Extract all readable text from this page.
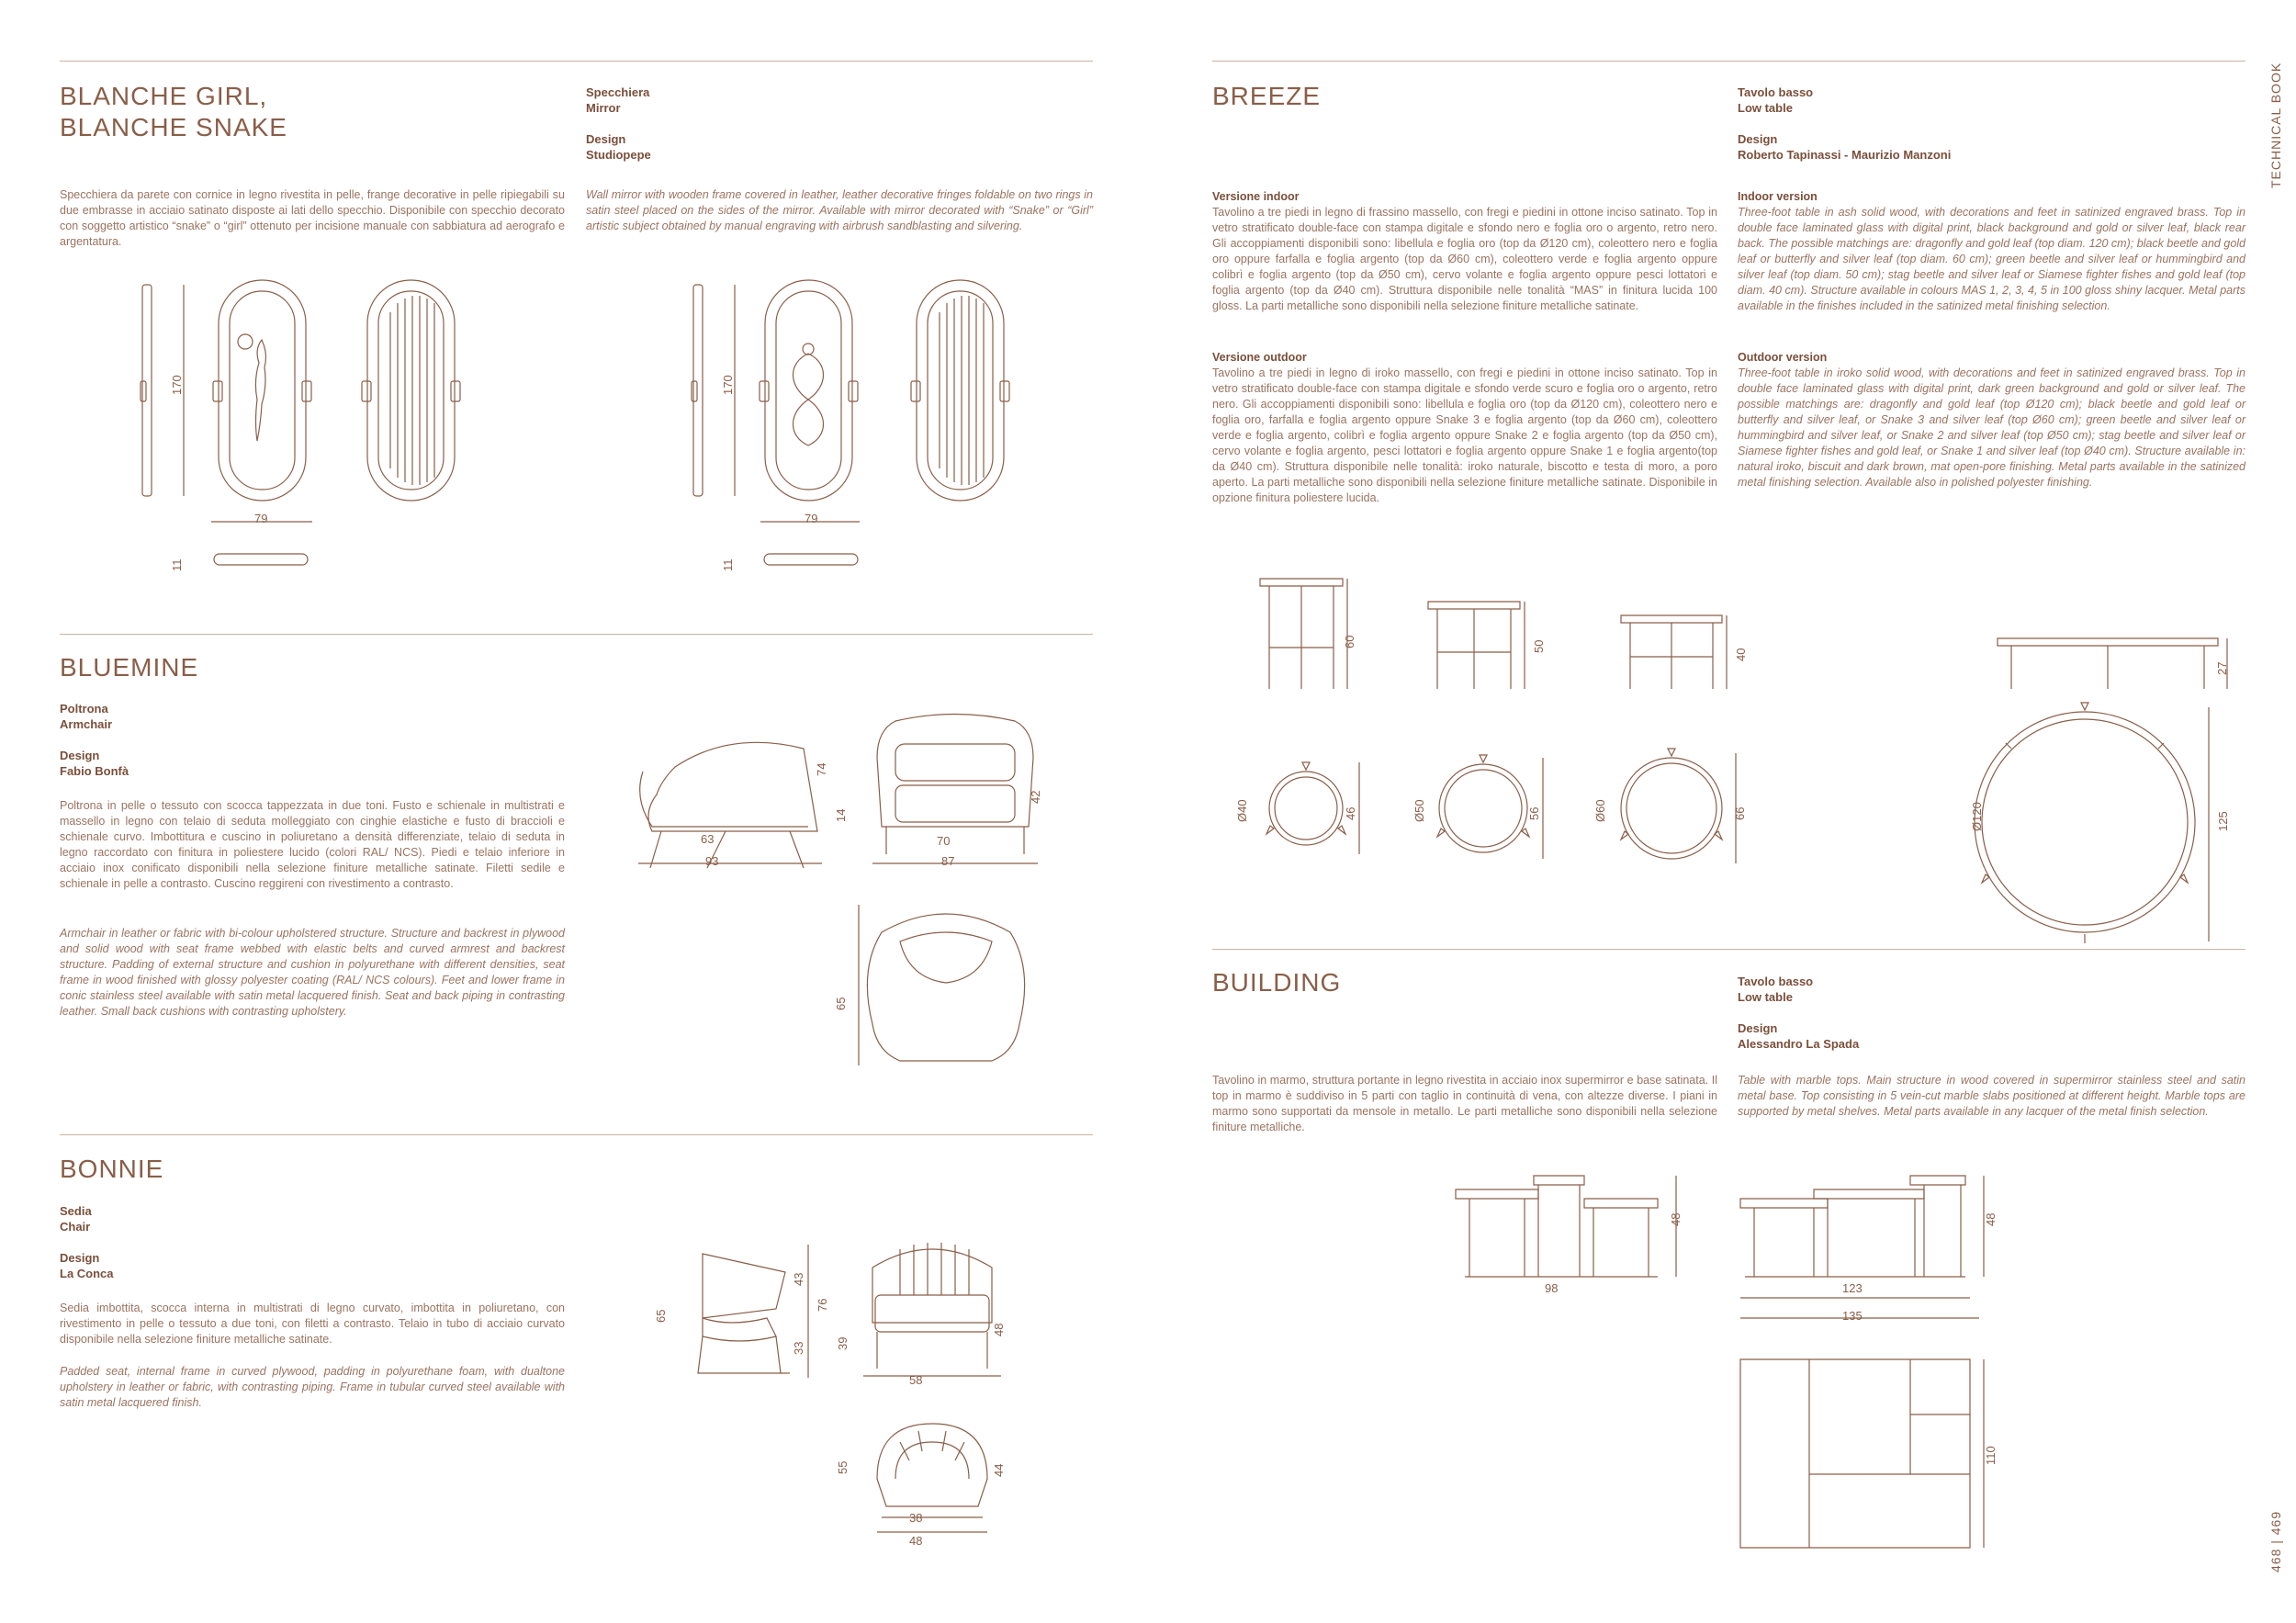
TECHNICAL BOOK
468 | 469
BLANCHE GIRL,
BLANCHE SNAKE
Specchiera
Mirror
Design
Studiopepe
Specchiera da parete con cornice in legno rivestita in pelle, frange decorative in pelle ripiegabili su due embrasse in acciaio satinato disposte ai lati dello specchio. Disponibile con specchio decorato con soggetto artistico “snake” o “girl” ottenuto per incisione manuale con sabbiatura ad aerografo e argentatura.
Wall mirror with wooden frame covered in leather, leather decorative fringes foldable on two rings in satin steel placed on the sides of the mirror. Available with mirror decorated with “Snake” or “Girl” artistic subject obtained by manual engraving with airbrush sandblasting and silvering.
170
79
11
170
79
11
BLUEMINE
Poltrona
Armchair
Design
Fabio Bonfà
Poltrona in pelle o tessuto con scocca tappezzata in due toni. Fusto e schienale in multistrati e massello in legno con telaio di seduta molleggiato con cinghie elastiche e fusto di braccioli e schienale curvo. Imbottitura e cuscino in poliuretano a densità differenziate, telaio di seduta in legno raccordato con finitura in poliestere lucido (colori RAL/ NCS). Piedi e telaio inferiore in acciaio inox conificato disponibili nella selezione finiture metalliche satinate. Filetti sedile e schienale in pelle a contrasto. Cuscino reggireni con rivestimento a contrasto.
Armchair in leather or fabric with bi-colour upholstered structure. Structure and backrest in plywood and solid wood with seat frame webbed with elastic belts and curved armrest and backrest structure. Padding of external structure and cushion in polyurethane with different densities, seat frame in wood finished with glossy polyester coating (RAL/ NCS colours). Feet and lower frame in conic stainless steel available with satin metal lacquered finish. Seat and back piping in contrasting leather. Small back cushions with contrasting upholstery.
63
93
74
14
70
87
42
65
BONNIE
Sedia
Chair
Design
La Conca
Sedia imbottita, scocca interna in multistrati di legno curvato, imbottita in poliuretano, con rivestimento in pelle o tessuto a due toni, con filetti a contrasto. Telaio in tubo di acciaio curvato disponibile nella selezione finiture metalliche satinate.
Padded seat, internal frame in curved plywood, padding in polyurethane foam, with dualtone upholstery in leather or fabric, with contrasting piping. Frame in tubular curved steel available with satin metal lacquered finish.
65
43
33
76
39
58
48
55	44
38
48
BREEZE	Tavolo basso
Low table
Design
Roberto Tapinassi - Maurizio Manzoni
Versione indoor
Tavolino a tre piedi in legno di frassino massello, con fregi e piedini in ottone inciso satinato. Top in vetro stratificato double-face con stampa digitale e sfondo nero e foglia oro o argento, retro nero. Gli accoppiamenti disponibili sono: libellula e foglia oro (top da Ø120 cm), coleottero nero e foglia oro oppure farfalla e foglia argento (top da Ø60 cm), coleottero verde e foglia argento oppure colibrì e foglia argento (top da Ø50 cm), cervo volante e foglia argento oppure pesci lottatori e foglia argento (top da Ø40 cm). Struttura disponibile nelle tonalità “MAS” in finitura lucida 100 gloss. La parti metalliche sono disponibili nella selezione finiture metalliche satinate.
Versione outdoor
Tavolino a tre piedi in legno di iroko massello, con fregi e piedini in ottone inciso satinato. Top in vetro stratificato double-face con stampa digitale e sfondo verde scuro e foglia oro o argento, retro nero. Gli accoppiamenti disponibili sono: libellula e foglia oro (top da Ø120 cm), coleottero nero e foglia oro, farfalla e foglia argento oppure Snake 3 e foglia argento (top da Ø60 cm), coleottero verde e foglia argento, colibrì e foglia argento oppure Snake 2 e foglia argento (top da Ø50 cm), cervo volante e foglia argento, pesci lottatori e foglia argento oppure Snake 1 e foglia argento(top da Ø40 cm). Struttura disponibile nelle tonalità: iroko naturale, biscotto e testa di moro, a poro aperto. La parti metalliche sono disponibili nella selezione finiture metalliche satinate. Disponibile in opzione finitura poliestere lucida.
Indoor version
Three-foot table in ash solid wood, with decorations and feet in satinized engraved brass. Top in double face laminated glass with digital print, black background and gold or silver leaf, black rear back. The possible matchings are: dragonfly and gold leaf (top diam. 120 cm); black beetle and gold leaf or butterfly and silver leaf (top diam. 60 cm); green beetle and silver leaf or hummingbird and silver leaf (top diam. 50 cm); stag beetle and silver leaf or Siamese fighter fishes and gold leaf (top diam. 40 cm). Structure available in colours MAS 1, 2, 3, 4, 5 in 100 gloss shiny lacquer. Metal parts available in the finishes included in the satinized metal finishing selection.
Outdoor version
Three-foot table in iroko solid wood, with decorations and feet in satinized engraved brass. Top in double face laminated glass with digital print, dark green background and gold or silver leaf. The possible matchings are: dragonfly and gold leaf (top Ø120 cm); black beetle and gold leaf or butterfly and silver leaf, or Snake 3 and silver leaf (top Ø60 cm); green beetle and silver leaf or hummingbird and silver leaf, or Snake 2 and silver leaf (top Ø50 cm); stag beetle and silver leaf or Siamese fighter fishes and gold leaf, or Snake 1 and silver leaf (top Ø40 cm). Structure available in: natural iroko, biscuit and dark brown, mat open-pore finishing. Metal parts available in the satinized metal finishing selection. Available also in polished polyester finishing.
60	50
40
27
Ø40	46	Ø50	56	Ø60	66	Ø120	125
BUILDING	Tavolo basso
Low table
Design
Alessandro La Spada
Tavolino in marmo, struttura portante in legno rivestita in acciaio inox supermirror e base satinata. Il top in marmo è suddiviso in 5 parti con taglio in continuità di vena, con altezze diverse. I piani in marmo sono supportati da mensole in metallo. Le parti metalliche sono disponibili nella selezione finiture metalliche.
Table with marble tops. Main structure in wood covered in supermirror stainless steel and satin metal base. Top consisting in 5 vein-cut marble slabs positioned at different height. Marble tops are supported by metal shelves. Metal parts available in any lacquer of the metal finish selection.
48
98
48
123
135
110
